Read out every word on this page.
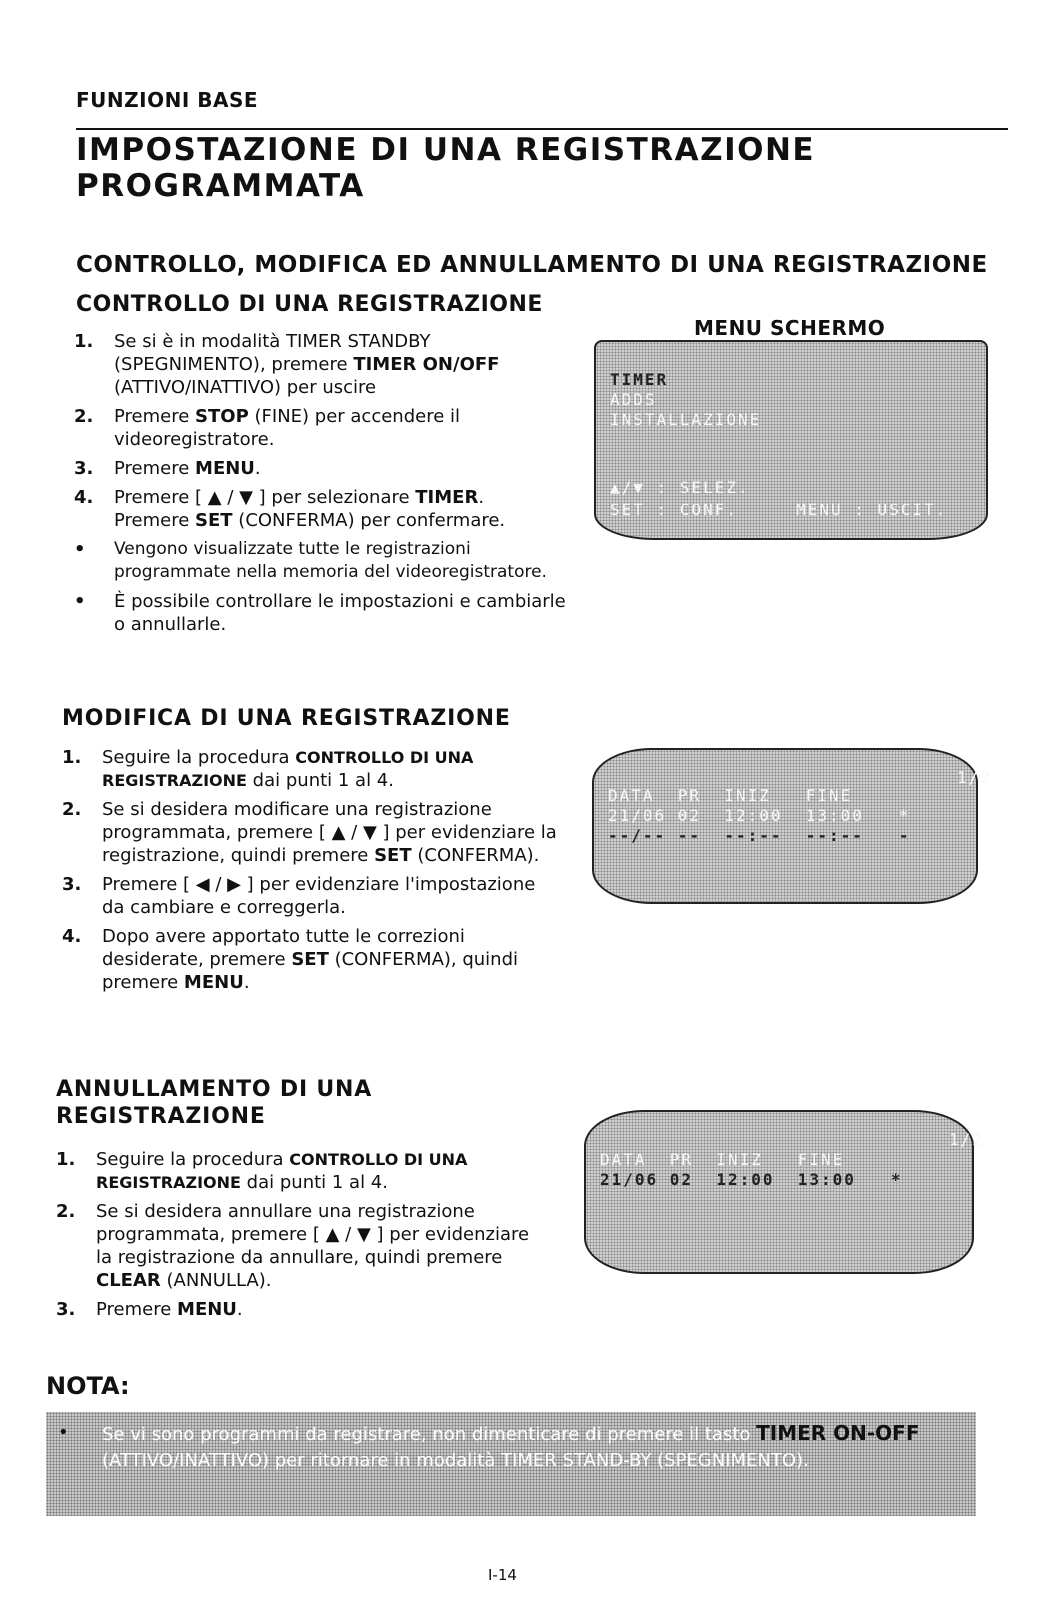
FUNZIONI BASE
IMPOSTAZIONE DI UNA REGISTRAZIONE
PROGRAMMATA
CONTROLLO, MODIFICA ED ANNULLAMENTO DI UNA REGISTRAZIONE
CONTROLLO DI UNA REGISTRAZIONE
1. Se si è in modalità TIMER STANDBY (SPEGNIMENTO), premere TIMER ON/OFF (ATTIVO/INATTIVO) per uscire
2. Premere STOP (FINE) per accendere il videoregistratore.
3. Premere MENU.
4. Premere [ ▲ / ▼ ] per selezionare TIMER.
Premere SET (CONFERMA) per confermare.
• Vengono visualizzate tutte le registrazioni programmate nella memoria del videoregistratore.
• È possibile controllare le impostazioni e cambiarle o annullarle.
MENU SCHERMO

TIMER

ADDS

INSTALLAZIONE

▲/▼ : SELEZ.

SET : CONF.     MENU : USCIT.

MODIFICA DI UNA REGISTRAZIONE
1. Seguire la procedura CONTROLLO DI UNA REGISTRAZIONE dai punti 1 al 4.
2. Se si desidera modificare una registrazione programmata, premere [ ▲ / ▼ ] per evidenziare la registrazione, quindi premere SET (CONFERMA).
3. Premere [ ◀ / ▶ ] per evidenziare l'impostazione da cambiare e correggerla.
4. Dopo avere apportato tutte le correzioni desiderate, premere SET (CONFERMA), quindi premere MENU.

1/2

DATA  PR  INIZ   FINE

21/06 02  12:00  13:00   *

--/-- --  --:--  --:--   -

ANNULLAMENTO DI UNA
REGISTRAZIONE
1. Seguire la procedura CONTROLLO DI UNA REGISTRAZIONE dai punti 1 al 4.
2. Se si desidera annullare una registrazione programmata, premere [ ▲ / ▼ ] per evidenziare la registrazione da annullare, quindi premere CLEAR (ANNULLA).
3. Premere MENU.

1/2

DATA  PR  INIZ   FINE

21/06 02  12:00  13:00   *

NOTA:
• Se vi sono programmi da registrare, non dimenticare di premere il tasto TIMER ON-OFF (ATTIVO/INATTIVO) per ritornare in modalità TIMER STAND-BY (SPEGNIMENTO).
I-14
